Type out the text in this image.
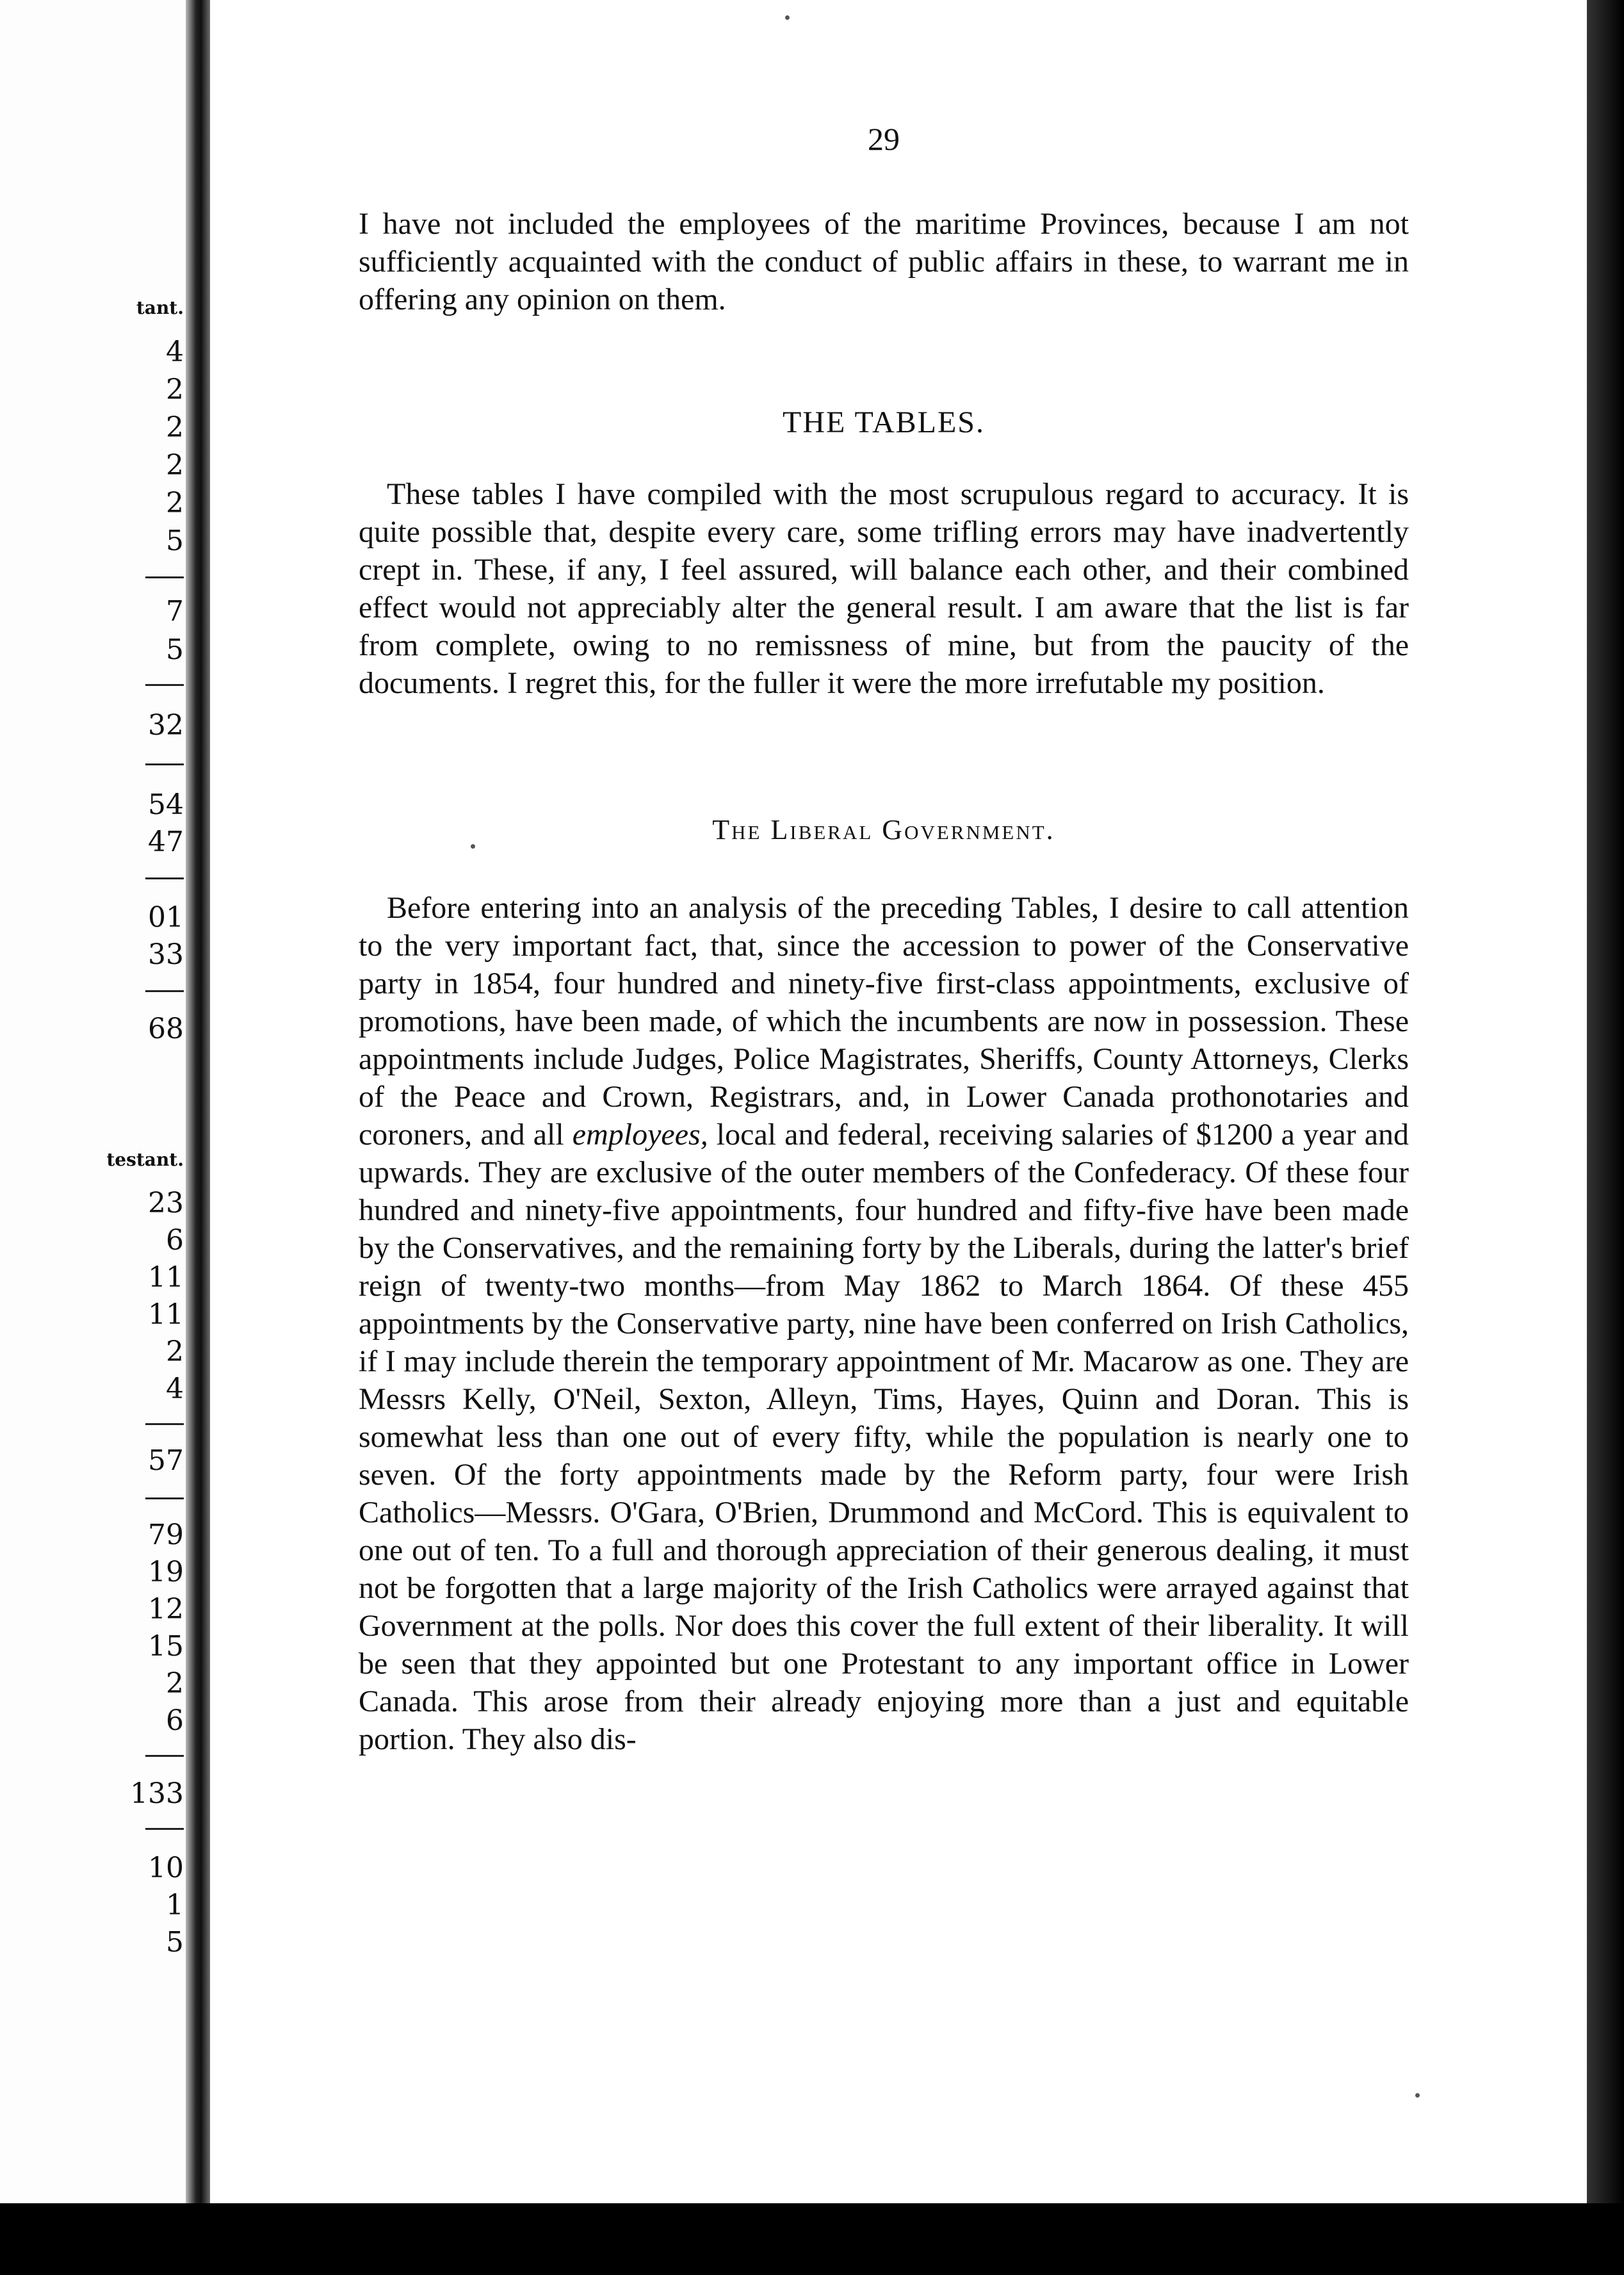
tant.
4
2
2
2
2
5
7
5
32
54
47
01
33
68
testant.
23
6
11
11
2
4
57
79
19
12
15
2
6
133
10
1
5
29

I have not included the employees of the maritime Provinces, because I am not sufficiently acquainted with the conduct of public affairs in these, to warrant me in offering any opinion on them.

THE TABLES.

These tables I have compiled with the most scrupulous regard to accuracy. It is quite possible that, despite every care, some trifling errors may have inadvertently crept in. These, if any, I feel assured, will balance each other, and their combined effect would not appreciably alter the general result. I am aware that the list is far from complete, owing to no remissness of mine, but from the paucity of the documents. I regret this, for the fuller it were the more irrefutable my position.

The Liberal Government.

Before entering into an analysis of the preceding Tables, I desire to call attention to the very important fact, that, since the accession to power of the Conservative party in 1854, four hundred and ninety-five first-class appointments, exclusive of promotions, have been made, of which the incumbents are now in possession. These appointments include Judges, Police Magistrates, Sheriffs, County Attorneys, Clerks of the Peace and Crown, Registrars, and, in Lower Canada prothonotaries and coroners, and all employees, local and federal, receiving salaries of $1200 a year and upwards. They are exclusive of the outer members of the Confederacy. Of these four hundred and ninety-five appointments, four hundred and fifty-five have been made by the Conservatives, and the remaining forty by the Liberals, during the latter's brief reign of twenty-two months—from May 1862 to March 1864. Of these 455 appointments by the Conservative party, nine have been conferred on Irish Catholics, if I may include therein the temporary appointment of Mr. Macarow as one. They are Messrs Kelly, O'Neil, Sexton, Alleyn, Tims, Hayes, Quinn and Doran. This is somewhat less than one out of every fifty, while the population is nearly one to seven. Of the forty appointments made by the Reform party, four were Irish Catholics—Messrs. O'Gara, O'Brien, Drummond and McCord. This is equivalent to one out of ten. To a full and thorough appreciation of their generous dealing, it must not be forgotten that a large majority of the Irish Catholics were arrayed against that Government at the polls. Nor does this cover the full extent of their liberality. It will be seen that they appointed but one Protestant to any important office in Lower Canada. This arose from their already enjoying more than a just and equitable portion. They also dis-
